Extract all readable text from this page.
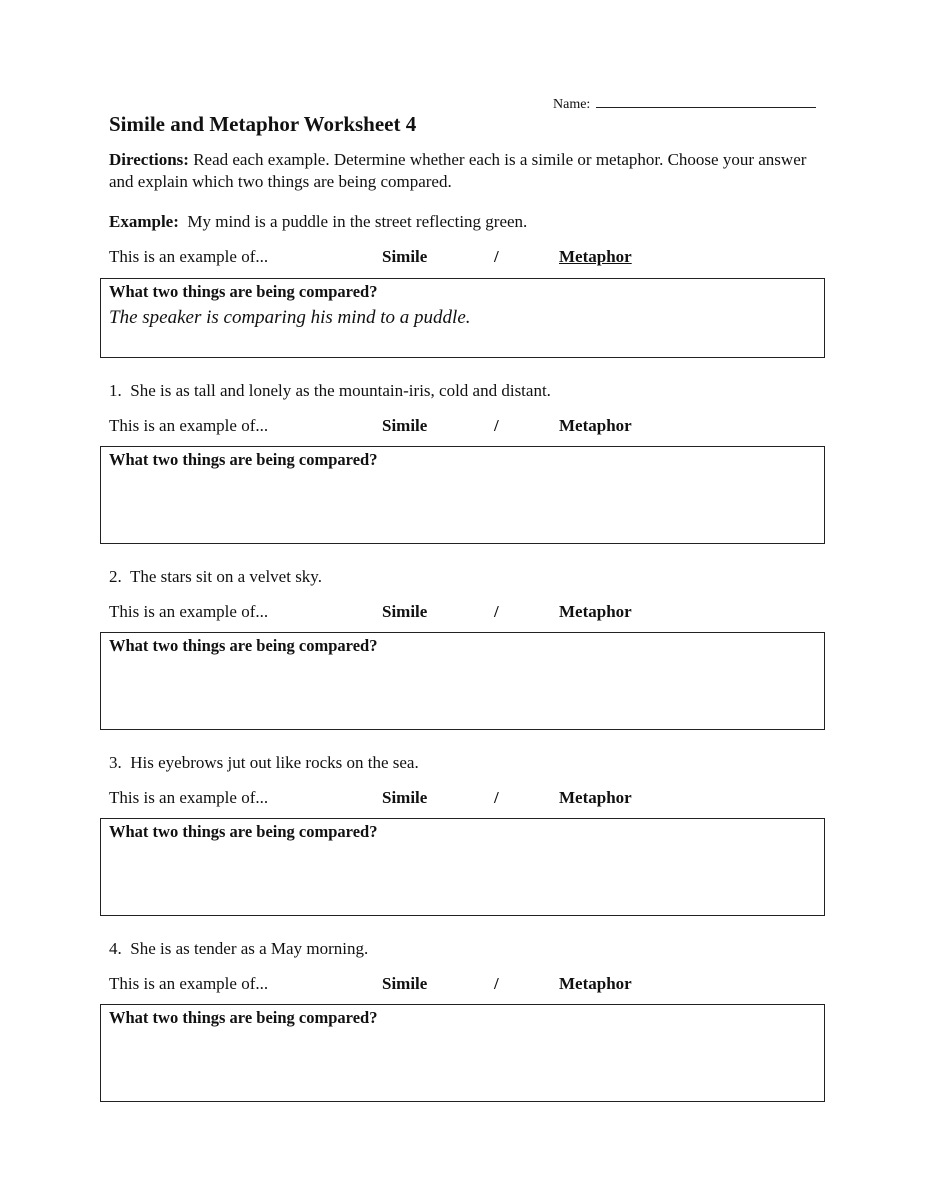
Name:
Simile and Metaphor Worksheet 4
Directions: Read each example. Determine whether each is a simile or metaphor. Choose your answer and explain which two things are being compared.
Example: My mind is a puddle in the street reflecting green.
This is an example of...	Simile	/	Metaphor
What two things are being compared?
The speaker is comparing his mind to a puddle.
1. She is as tall and lonely as the mountain-iris, cold and distant.
This is an example of...	Simile	/	Metaphor
What two things are being compared?
2. The stars sit on a velvet sky.
This is an example of...	Simile	/	Metaphor
What two things are being compared?
3. His eyebrows jut out like rocks on the sea.
This is an example of...	Simile	/	Metaphor
What two things are being compared?
4. She is as tender as a May morning.
This is an example of...	Simile	/	Metaphor
What two things are being compared?
